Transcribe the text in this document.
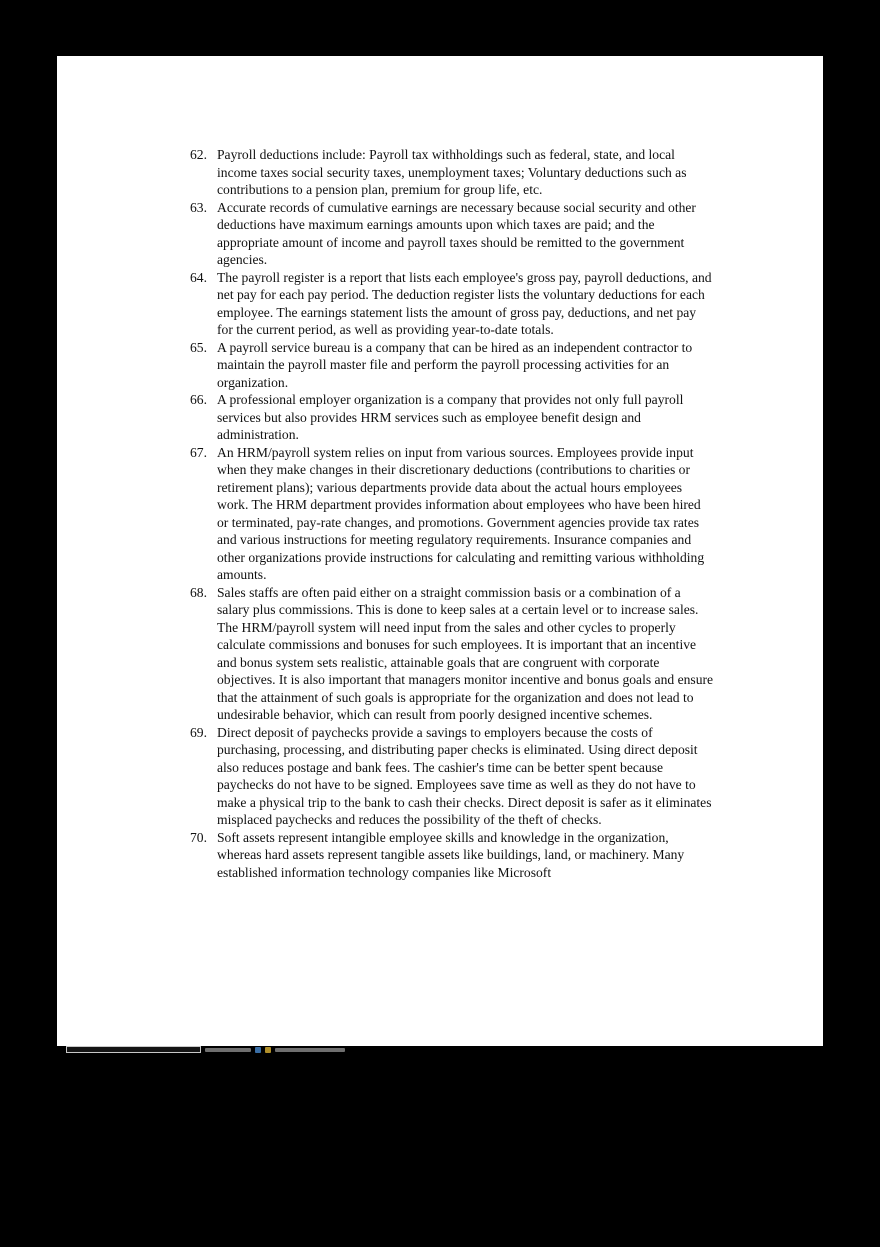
62. Payroll deductions include: Payroll tax withholdings such as federal, state, and local income taxes social security taxes, unemployment taxes; Voluntary deductions such as contributions to a pension plan, premium for group life, etc.
63. Accurate records of cumulative earnings are necessary because social security and other deductions have maximum earnings amounts upon which taxes are paid; and the appropriate amount of income and payroll taxes should be remitted to the government agencies.
64. The payroll register is a report that lists each employee's gross pay, payroll deductions, and net pay for each pay period. The deduction register lists the voluntary deductions for each employee. The earnings statement lists the amount of gross pay, deductions, and net pay for the current period, as well as providing year-to-date totals.
65. A payroll service bureau is a company that can be hired as an independent contractor to maintain the payroll master file and perform the payroll processing activities for an organization.
66. A professional employer organization is a company that provides not only full payroll services but also provides HRM services such as employee benefit design and administration.
67. An HRM/payroll system relies on input from various sources. Employees provide input when they make changes in their discretionary deductions (contributions to charities or retirement plans); various departments provide data about the actual hours employees work. The HRM department provides information about employees who have been hired or terminated, pay-rate changes, and promotions. Government agencies provide tax rates and various instructions for meeting regulatory requirements. Insurance companies and other organizations provide instructions for calculating and remitting various withholding amounts.
68. Sales staffs are often paid either on a straight commission basis or a combination of a salary plus commissions. This is done to keep sales at a certain level or to increase sales. The HRM/payroll system will need input from the sales and other cycles to properly calculate commissions and bonuses for such employees. It is important that an incentive and bonus system sets realistic, attainable goals that are congruent with corporate objectives. It is also important that managers monitor incentive and bonus goals and ensure that the attainment of such goals is appropriate for the organization and does not lead to undesirable behavior, which can result from poorly designed incentive schemes.
69. Direct deposit of paychecks provide a savings to employers because the costs of purchasing, processing, and distributing paper checks is eliminated. Using direct deposit also reduces postage and bank fees. The cashier's time can be better spent because paychecks do not have to be signed. Employees save time as well as they do not have to make a physical trip to the bank to cash their checks. Direct deposit is safer as it eliminates misplaced paychecks and reduces the possibility of the theft of checks.
70. Soft assets represent intangible employee skills and knowledge in the organization, whereas hard assets represent tangible assets like buildings, land, or machinery. Many established information technology companies like Microsoft
